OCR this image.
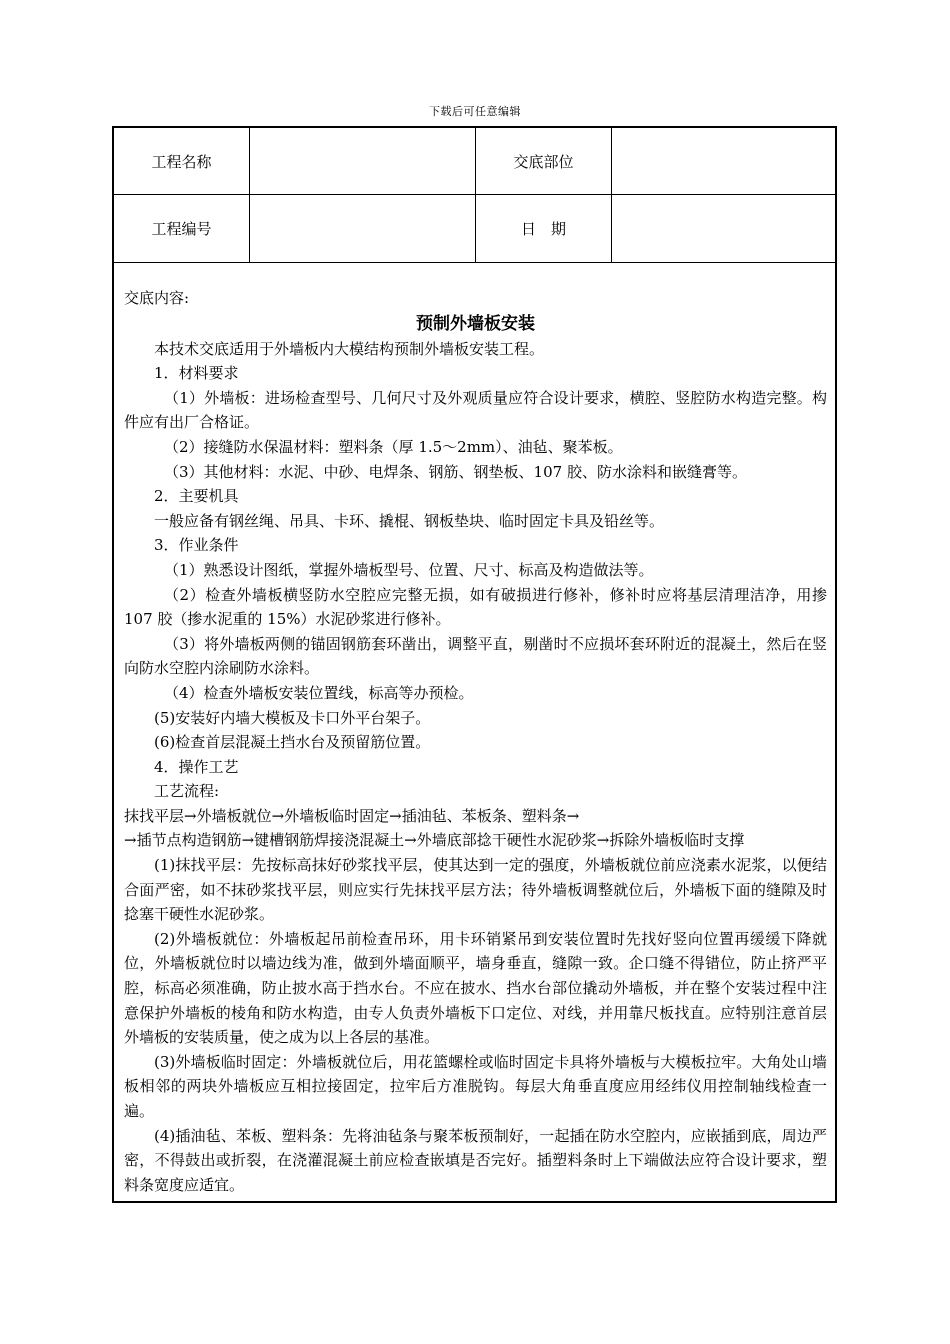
下载后可任意编辑
工程名称	交底部位
工程编号	日　期

交底内容:

预制外墙板安装

本技术交底适用于外墙板内大模结构预制外墙板安装工程。

1．材料要求

（1）外墙板：进场检查型号、几何尺寸及外观质量应符合设计要求，横腔、竖腔防水构造完整。构件应有出厂合格证。

（2）接缝防水保温材料：塑料条（厚 1.5～2mm）、油毡、聚苯板。

（3）其他材料：水泥、中砂、电焊条、钢筋、钢垫板、107 胶、防水涂料和嵌缝膏等。

2．主要机具

一般应备有钢丝绳、吊具、卡环、撬棍、钢板垫块、临时固定卡具及铅丝等。

3．作业条件

（1）熟悉设计图纸，掌握外墙板型号、位置、尺寸、标高及构造做法等。

（2）检查外墙板横竖防水空腔应完整无损，如有破损进行修补，修补时应将基层清理洁净，用掺 107 胶（掺水泥重的 15%）水泥砂浆进行修补。

（3）将外墙板两侧的锚固钢筋套环凿出，调整平直，剔凿时不应损坏套环附近的混凝土，然后在竖向防水空腔内涂刷防水涂料。

（4）检查外墙板安装位置线，标高等办预检。

(5)安装好内墙大模板及卡口外平台架子。

(6)检查首层混凝土挡水台及预留筋位置。

4．操作工艺

工艺流程:

抹找平层→外墙板就位→外墙板临时固定→插油毡、苯板条、塑料条→

→插节点构造钢筋→键槽钢筋焊接浇混凝土→外墙底部捻干硬性水泥砂浆→拆除外墙板临时支撑

(1)抹找平层：先按标高抹好砂浆找平层，使其达到一定的强度，外墙板就位前应浇素水泥浆，以便结合面严密，如不抹砂浆找平层，则应实行先抹找平层方法；待外墙板调整就位后，外墙板下面的缝隙及时捻塞干硬性水泥砂浆。

(2)外墙板就位：外墙板起吊前检查吊环，用卡环销紧吊到安装位置时先找好竖向位置再缓缓下降就位，外墙板就位时以墙边线为准，做到外墙面顺平，墙身垂直，缝隙一致。企口缝不得错位，防止挤严平腔，标高必须准确，防止披水高于挡水台。不应在披水、挡水台部位撬动外墙板，并在整个安装过程中注意保护外墙板的棱角和防水构造，由专人负责外墙板下口定位、对线，并用靠尺板找直。应特别注意首层外墙板的安装质量，使之成为以上各层的基准。

(3)外墙板临时固定：外墙板就位后，用花篮螺栓或临时固定卡具将外墙板与大模板拉牢。大角处山墙板相邻的两块外墙板应互相拉接固定，拉牢后方准脱钩。每层大角垂直度应用经纬仪用控制轴线检查一遍。

(4)插油毡、苯板、塑料条：先将油毡条与聚苯板预制好，一起插在防水空腔内，应嵌插到底，周边严密，不得鼓出或折裂，在浇灌混凝土前应检查嵌填是否完好。插塑料条时上下端做法应符合设计要求，塑料条宽度应适宜。
